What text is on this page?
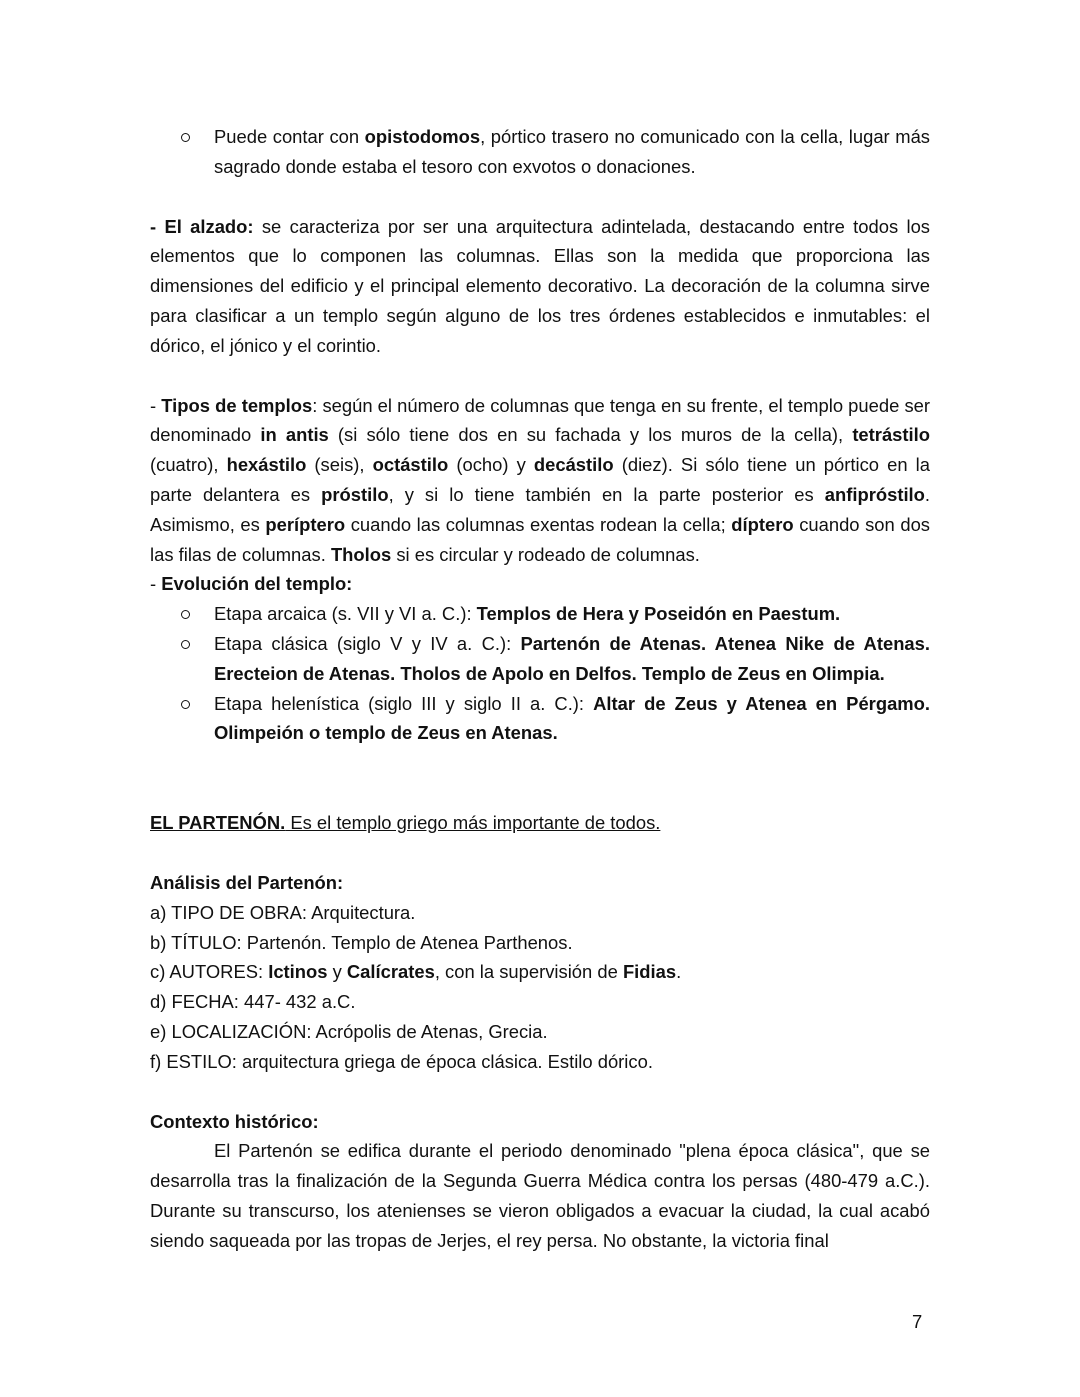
Puede contar con opistodomos, pórtico trasero no comunicado con la cella, lugar más sagrado donde estaba el tesoro con exvotos o donaciones.

- El alzado: se caracteriza por ser una arquitectura adintelada, destacando entre todos los elementos que lo componen las columnas. Ellas son la medida que proporciona las dimensiones del edificio y el principal elemento decorativo. La decoración de la columna sirve para clasificar a un templo según alguno de los tres órdenes establecidos e inmutables: el dórico, el jónico y el corintio.

- Tipos de templos: según el número de columnas que tenga en su frente, el templo puede ser denominado in antis (si sólo tiene dos en su fachada y los muros de la cella), tetrástilo (cuatro), hexástilo (seis), octástilo (ocho) y decástilo (diez). Si sólo tiene un pórtico en la parte delantera es próstilo, y si lo tiene también en la parte posterior es anfipróstilo. Asimismo, es períptero cuando las columnas exentas rodean la cella; díptero cuando son dos las filas de columnas. Tholos si es circular y rodeado de columnas.

- Evolución del templo:

Etapa arcaica (s. VII y VI a. C.): Templos de Hera y Poseidón en Paestum.
Etapa clásica (siglo V y IV a. C.): Partenón de Atenas. Atenea Nike de Atenas. Erecteion de Atenas. Tholos de Apolo en Delfos. Templo de Zeus en Olimpia.
Etapa helenística (siglo III y siglo II a. C.): Altar de Zeus y Atenea en Pérgamo. Olimpeión o templo de Zeus en Atenas.

EL PARTENÓN. Es el templo griego más importante de todos.

Análisis del Partenón:

a) TIPO DE OBRA: Arquitectura.

b) TÍTULO: Partenón. Templo de Atenea Parthenos.

c) AUTORES: Ictinos y Calícrates, con la supervisión de Fidias.

d) FECHA: 447- 432 a.C.

e) LOCALIZACIÓN: Acrópolis de Atenas, Grecia.

f) ESTILO: arquitectura griega de época clásica. Estilo dórico.

Contexto histórico:

El Partenón se edifica durante el periodo denominado "plena época clásica", que se desarrolla tras la finalización de la Segunda Guerra Médica contra los persas (480-479 a.C.). Durante su transcurso, los atenienses se vieron obligados a evacuar la ciudad, la cual acabó siendo saqueada por las tropas de Jerjes, el rey persa. No obstante, la victoria final

7
